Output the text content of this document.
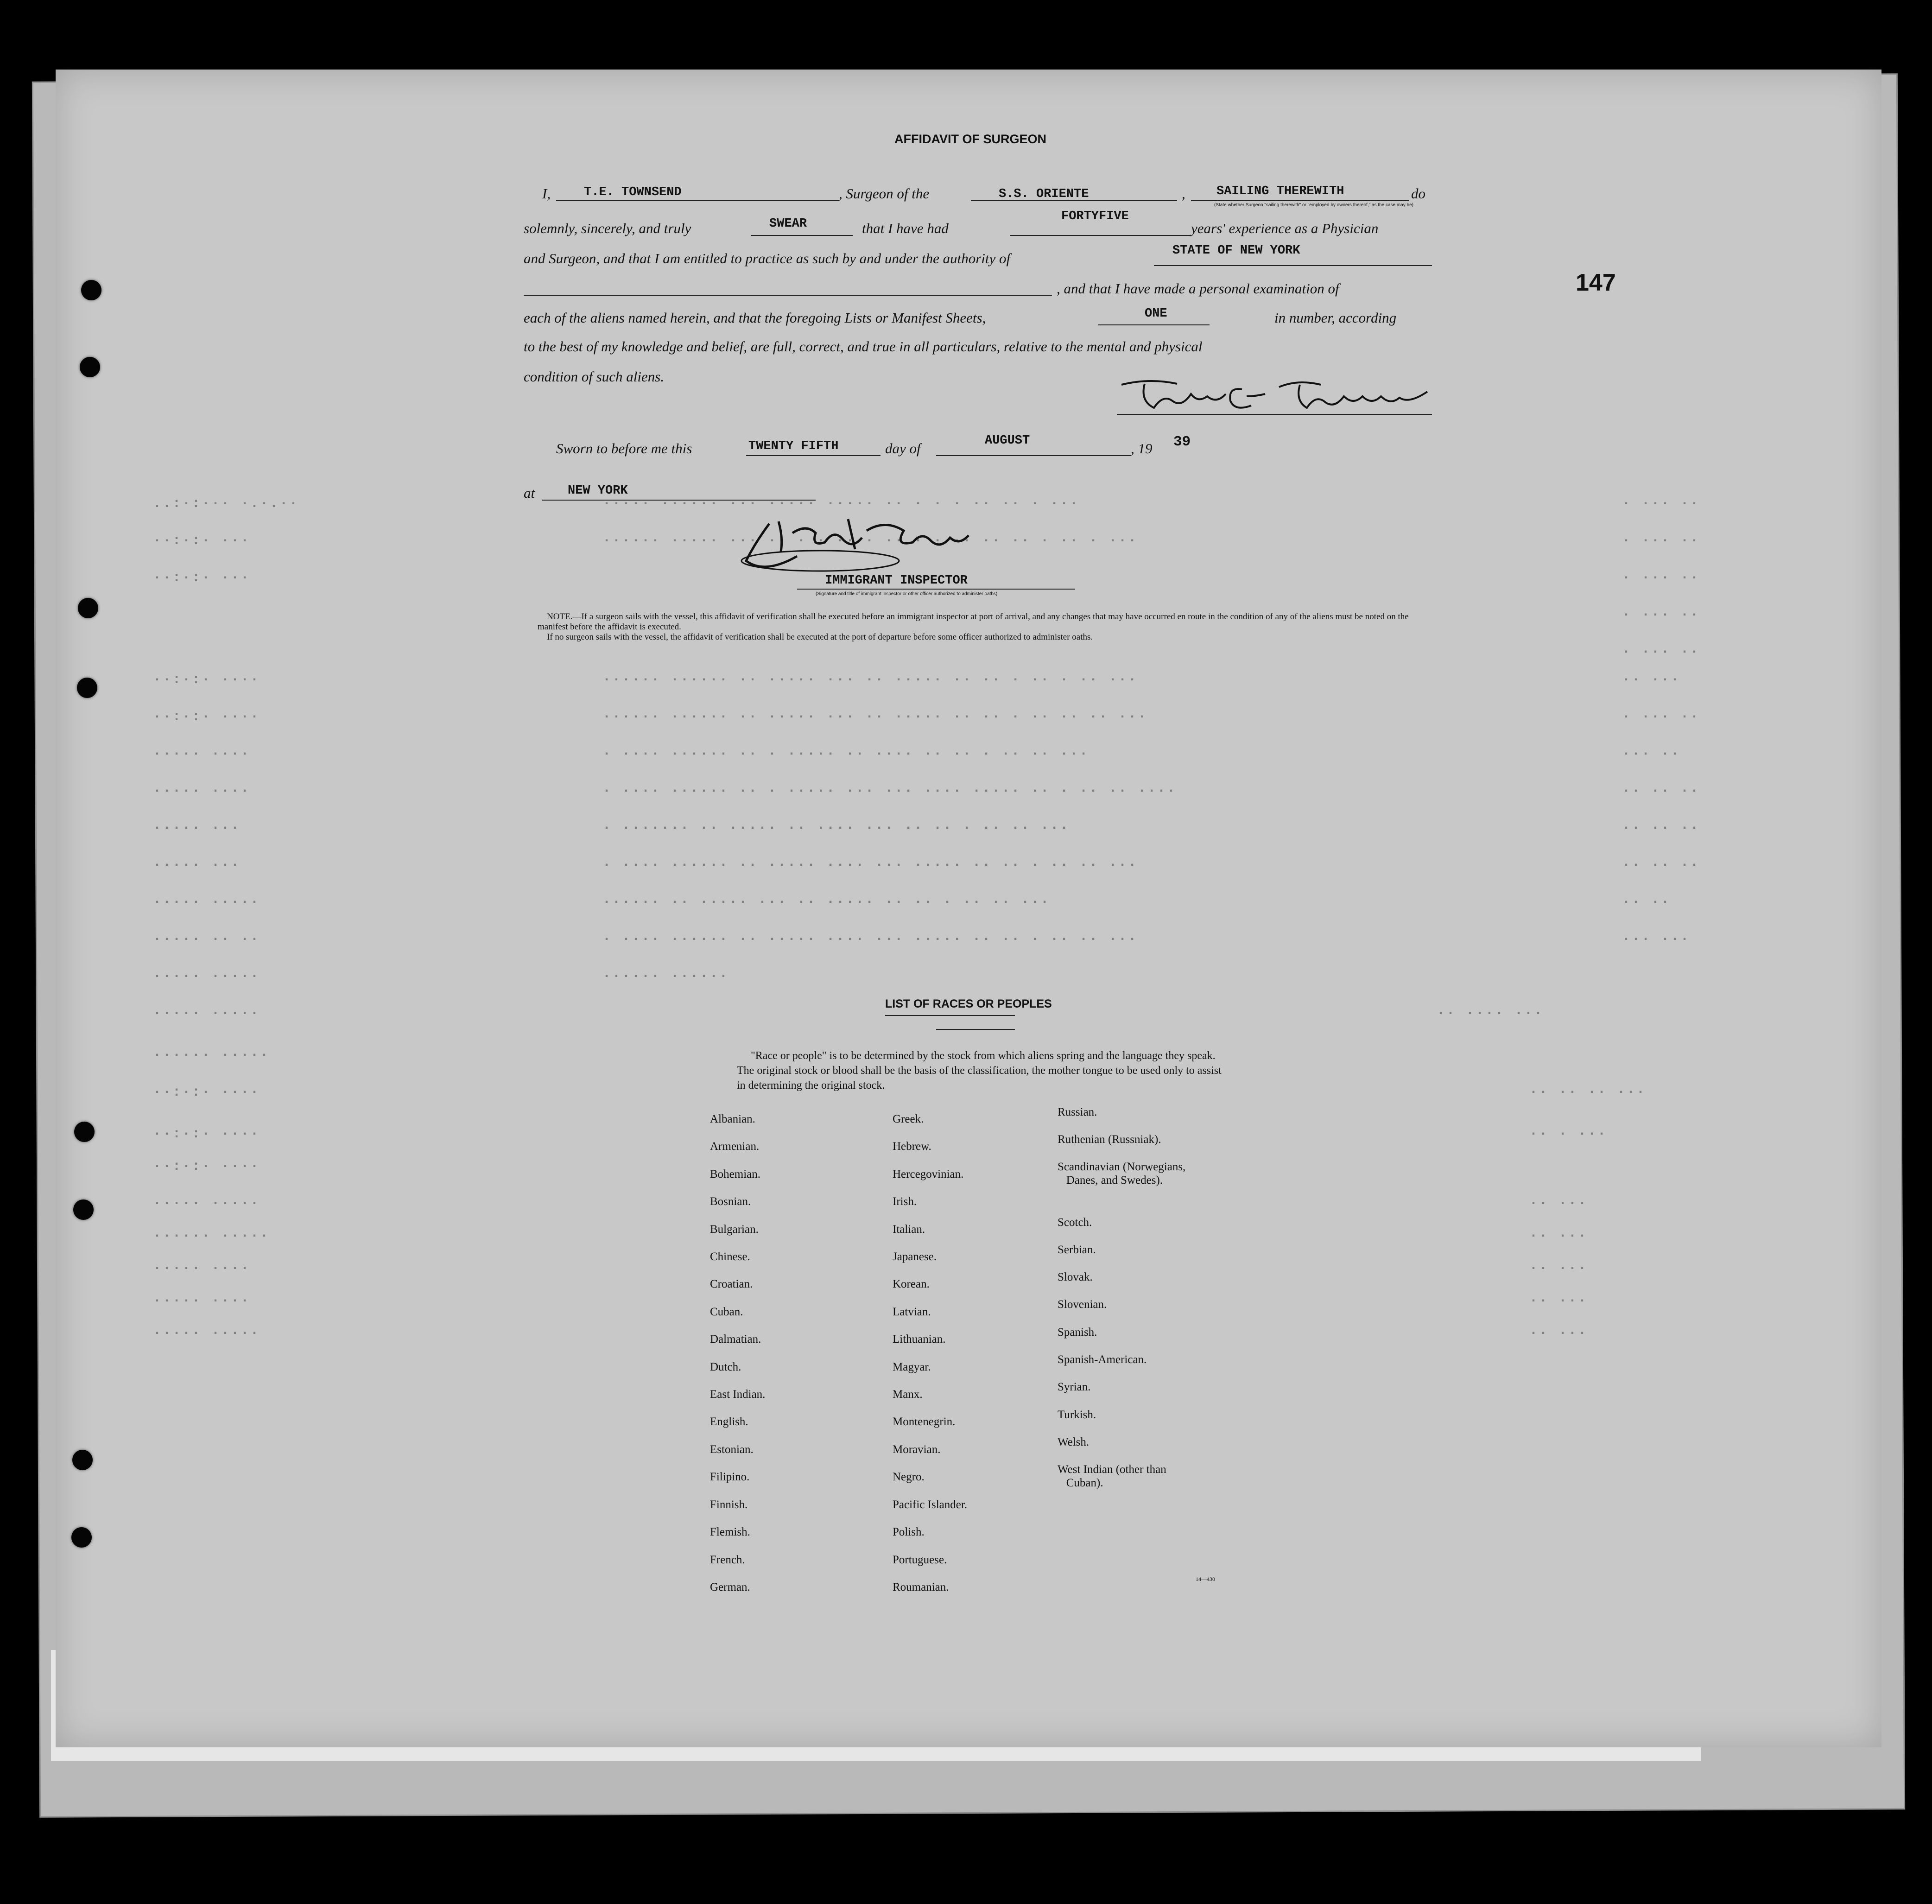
147
..:·:··· ·.·.··	····· ······ ··· ····· ····· ·· · · · ·· ·· · ···
··:·:· ···	······ ····· ··· ·· · · ···· ·· · · ·· ·· ·· · ·· · ···
··:·:· ···
······ ······ ·· ····· ··· ·· ····· ·· ·· · ·· · ·· ···
··:·:· ····
··:·:· ····	······ ······ ·· ····· ··· ·· ····· ·· ·· · ·· ·· ·· ···
····· ····	· ···· ······ ·· · ····· ·· ···· ·· ·· · ·· ·· ···
····· ····	· ···· ······ ·· · ····· ··· ··· ···· ····· ·· · ·· ·· ····
····· ···	· ······· ·· ····· ·· ···· ··· ·· ·· · ·· ·· ···
····· ···	· ···· ······ ·· ····· ···· ··· ····· ·· ·· · ·· ·· ···
····· ·····	······ ·· ····· ··· ·· ····· ·· ·· · ·· ·· ···
····· ·· ··	· ···· ······ ·· ····· ···· ··· ····· ·· ·· · ·· ·· ···
····· ·····	······ ······
····· ·····	·· ···· ···
······ ·····
··:·:· ····	·· ·· ·· ···
··:·:· ····
··:·:· ····
····· ·····
······ ·····
····· ····
····· ····
····· ·····
·· · ···
·· ···
·· ···
·· ···
·· ···
·· ···
· ··· ··
· ··· ··
· ··· ··
· ··· ··
· ··· ··
·· ···
· ··· ··
··· ··
·· ·· ··
·· ·· ··
·· ·· ··
·· ··
··· ···
AFFIDAVIT OF SURGEON
I,	, Surgeon of the	,	do
T.E. TOWNSEND	S.S. ORIENTE	SAILING THEREWITH
(State whether Surgeon "sailing therewith" or "employed by owners thereof," as the case may be)
solemnly, sincerely, and truly	that I have had	years' experience as a Physician
SWEAR
FORTYFIVE
and Surgeon, and that I am entitled to practice as such by and under the authority of	STATE OF NEW YORK
, and that I have made a personal examination of
each of the aliens named herein, and that the foregoing Lists or Manifest Sheets,	in number, according
ONE
to the best of my knowledge and belief, are full, correct, and true in all particulars, relative to the mental and physical
condition of such aliens.
Sworn to before me this	day of	, 19
TWENTY FIFTH	AUGUST	39
at	NEW YORK
IMMIGRANT INSPECTOR
(Signature and title of immigrant inspector or other officer authorized to administer oaths)
NOTE.—If a surgeon sails with the vessel, this affidavit of verification shall be executed before an immigrant inspector at port of arrival, and any changes that may have occurred en route in the condition of any of the aliens must be noted on the manifest before the affidavit is executed.
If no surgeon sails with the vessel, the affidavit of verification shall be executed at the port of departure before some officer authorized to administer oaths.
LIST OF RACES OR PEOPLES
"Race or people" is to be determined by the stock from which aliens spring and the language they speak. The original stock or blood shall be the basis of the classification, the mother tongue to be used only to assist in determining the original stock.
Albanian.
Armenian.
Bohemian.
Bosnian.
Bulgarian.
Chinese.
Croatian.
Cuban.
Dalmatian.
Dutch.
East Indian.
English.
Estonian.
Filipino.
Finnish.
Flemish.
French.
German.
Greek.
Hebrew.
Hercegovinian.
Irish.
Italian.
Japanese.
Korean.
Latvian.
Lithuanian.
Magyar.
Manx.
Montenegrin.
Moravian.
Negro.
Pacific Islander.
Polish.
Portuguese.
Roumanian.
Russian.
Ruthenian (Russniak).
Scandinavian (Norwegians,
Danes, and Swedes).
Scotch.
Serbian.
Slovak.
Slovenian.
Spanish.
Spanish-American.
Syrian.
Turkish.
Welsh.
West Indian (other than
Cuban).
14—430
